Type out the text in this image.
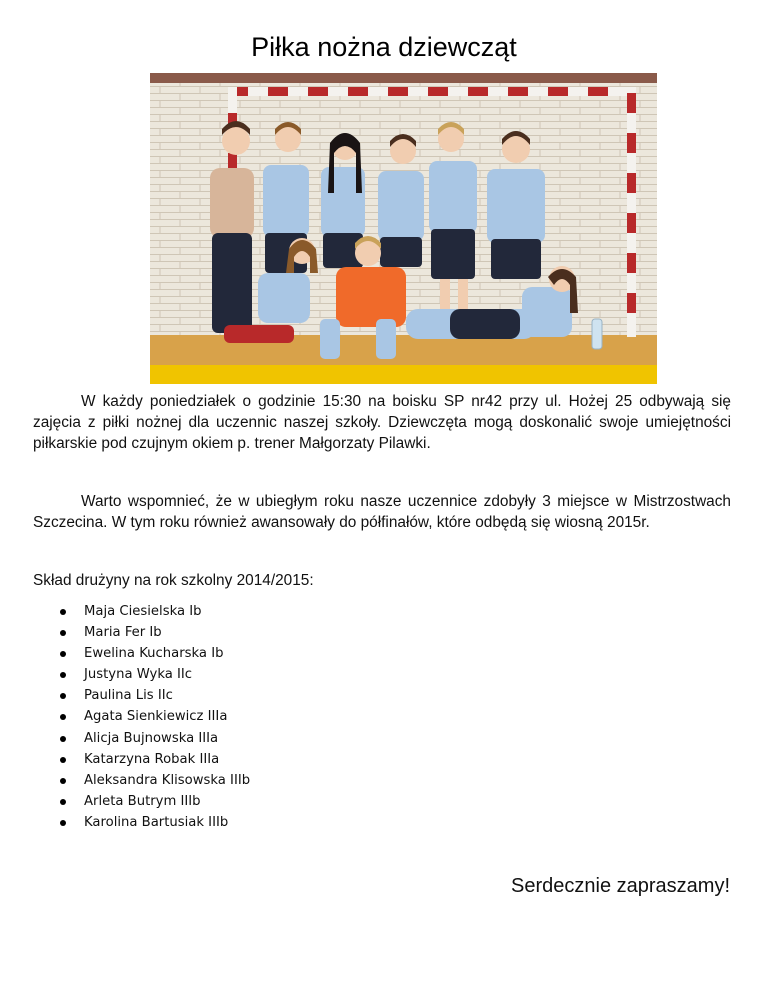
Piłka nożna dziewcząt

W każdy poniedziałek o godzinie 15:30 na boisku SP nr42 przy ul. Hożej 25 odbywają się zajęcia z piłki nożnej dla uczennic naszej szkoły. Dziewczęta mogą doskonalić swoje umiejętności piłkarskie pod czujnym okiem p. trener Małgorzaty Pilawki.

Warto wspomnieć, że w ubiegłym roku nasze uczennice zdobyły 3 miejsce w Mistrzostwach Szczecina. W tym roku również awansowały do półfinałów, które odbędą się wiosną 2015r.

Skład drużyny na rok szkolny 2014/2015:

Maja Ciesielska Ib
Maria Fer Ib
Ewelina Kucharska Ib
Justyna Wyka IIc
Paulina Lis IIc
Agata Sienkiewicz IIIa
Alicja Bujnowska IIIa
Katarzyna Robak IIIa
Aleksandra Klisowska IIIb
Arleta Butrym IIIb
Karolina Bartusiak IIIb
Serdecznie zapraszamy!
